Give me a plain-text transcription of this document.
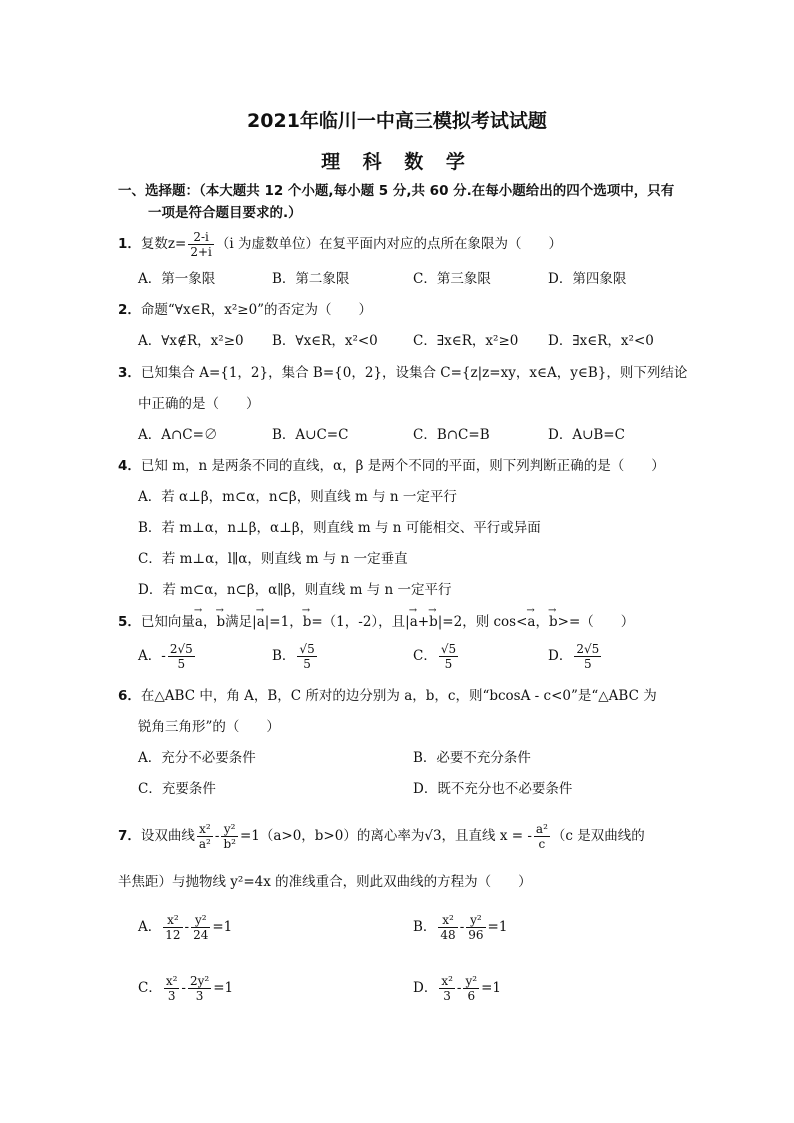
2021年临川一中高三模拟考试试题
理 科 数 学
一、选择题：（本大题共 12 个小题,每小题 5 分,共 60 分.在每小题给出的四个选项中，只有
一项是符合题目要求的.）
1．复数$z= \frac{2-i}{2+i} (i$ 为虚数单位）在复平面内对应的点所在象限为（　　）
A．第一象限	B．第二象限	C．第三象限	D．第四象限
2．命题“∀x∈R，x²≥0”的否定为（　　）
A．∀x∉R，x²≥0 B．∀x∈R，x²<0	C．∃x∈R，x²≥0 D．∃x∈R，x²<0
3．已知集合 A={1，2}，集合 B={0，2}，设集合 C={z|z=xy，x∈A，y∈B}，则下列结论
中正确的是（　　）
A．A∩C=∅	B．A∪C=C	C．B∩C=B	D．A∪B=C
4．已知 m，n 是两条不同的直线，α，β 是两个不同的平面，则下列判断正确的是（　　）
A．若 α⊥β，m⊂α，n⊂β，则直线 m 与 n 一定平行
B．若 m⊥α，n⊥β，α⊥β，则直线 m 与 n 可能相交、平行或异面
C．若 m⊥α，l∥α，则直线 m 与 n 一定垂直
D．若 m⊂α，n⊂β，α∥β，则直线 m 与 n 一定平行
5．已知向量→ a，→ b满足|→ a|=1，→ b=（1，-2），且|→ a+→ b|=2，则 cos<→ a，→ b>=（　　）
A．- $\frac{2√5}{5}$	B． $\frac{√5}{5}$	C． $\frac{√5}{5}$	D． $\frac{2√5}{5}$
6．在△ABC 中，角 A，B，C 所对的边分别为 a，b，c，则“bcosA - c<0”是“△ABC 为
锐角三角形”的（　　）
A．充分不必要条件	B．必要不充分条件
C．充要条件	D．既不充分也不必要条件
7．设双曲线 $\frac{\text{x²}}{\text{a²}} - \frac{\text{y²}}{\text{b²}} =1(a>0$，b>0）的离心率为√3，且直线 x = - $\frac{\text{a²}}{c} (c$ 是双曲线的
半焦距）与抛物线 y²=4x 的准线重合，则此双曲线的方程为（　　）
A． $\frac{\text{x²}}{12} - \frac{\text{y²}}{24} =1$	B． $\frac{\text{x²}}{48} - \frac{\text{y²}}{96} =1$
C． $\frac{\text{x²}}{3} - \frac{\text{2y²}}{3} =1$	D． $\frac{\text{x²}}{3} - \frac{\text{y²}}{6} =1$
